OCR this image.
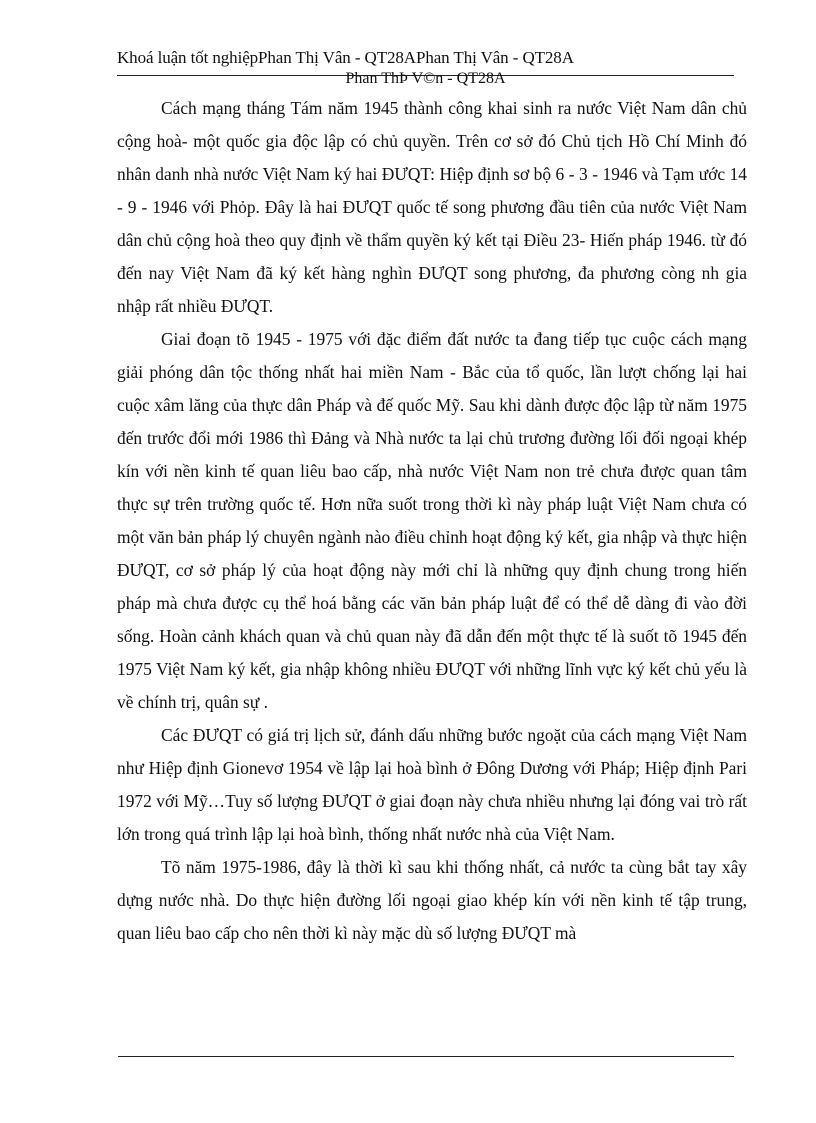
Khoá luận tốt nghiệpPhan Thị Vân - QT28APhan Thị Vân - QT28A
Phan ThÞ V©n - QT28A

Cách mạng tháng Tám năm 1945 thành công khai sinh ra nước Việt Nam dân chủ cộng hoà- một quốc gia độc lập có chủ quyền. Trên cơ sở đó Chủ tịch Hồ Chí Minh đó nhân danh nhà nước Việt Nam ký hai ĐƯQT: Hiệp định sơ bộ 6 - 3 - 1946 và Tạm ước 14 - 9 - 1946 với Phỏp. Đây là hai ĐƯQT quốc tế song phương đầu tiên của nước Việt Nam dân chủ cộng hoà theo quy định về thẩm quyền ký kết tại Điều 23- Hiến pháp 1946. từ đó đến nay Việt Nam đã ký kết hàng nghìn ĐƯQT song phương, đa phương còng nh gia nhập rất nhiều ĐƯQT.

Giai đoạn tõ 1945 - 1975 với đặc điểm đất nước ta đang tiếp tục cuộc cách mạng giải phóng dân tộc thống nhất hai miền Nam - Bắc của tổ quốc, lần lượt chống lại hai cuộc xâm lăng của thực dân Pháp và đế quốc Mỹ. Sau khi dành được độc lập từ năm 1975 đến trước đổi mới 1986 thì Đảng và Nhà nước ta lại chủ trương đường lối đối ngoại khép kín với nền kinh tế quan liêu bao cấp, nhà nước Việt Nam non trẻ chưa được quan tâm thực sự trên trường quốc tế. Hơn nữa suốt trong thời kì này pháp luật Việt Nam chưa có một văn bản pháp lý chuyên ngành nào điều chỉnh hoạt động ký kết, gia nhập và thực hiện ĐƯQT, cơ sở pháp lý của hoạt động này mới chỉ là những quy định chung trong hiến pháp mà chưa được cụ thể hoá bằng các văn bản pháp luật để có thể dễ dàng đi vào đời sống. Hoàn cảnh khách quan và chủ quan này đã dẫn đến một thực tế là suốt tõ 1945 đến 1975 Việt Nam ký kết, gia nhập không nhiều ĐƯQT với những lĩnh vực ký kết chủ yếu là về chính trị, quân sự .

Các ĐƯQT có giá trị lịch sử, đánh dấu những bước ngoặt của cách mạng Việt Nam như Hiệp định Gionevơ 1954 về lập lại hoà bình ở Đông Dương với Pháp; Hiệp định Pari 1972 với Mỹ…Tuy số lượng ĐƯQT ở giai đoạn này chưa nhiều nhưng lại đóng vai trò rất lớn trong quá trình lập lại hoà bình, thống nhất nước nhà của Việt Nam.

Tõ năm 1975-1986, đây là thời kì sau khi thống nhất, cả nước ta cùng bắt tay xây dựng nước nhà. Do thực hiện đường lối ngoại giao khép kín với nền kinh tế tập trung, quan liêu bao cấp cho nên thời kì này mặc dù số lượng ĐƯQT mà
